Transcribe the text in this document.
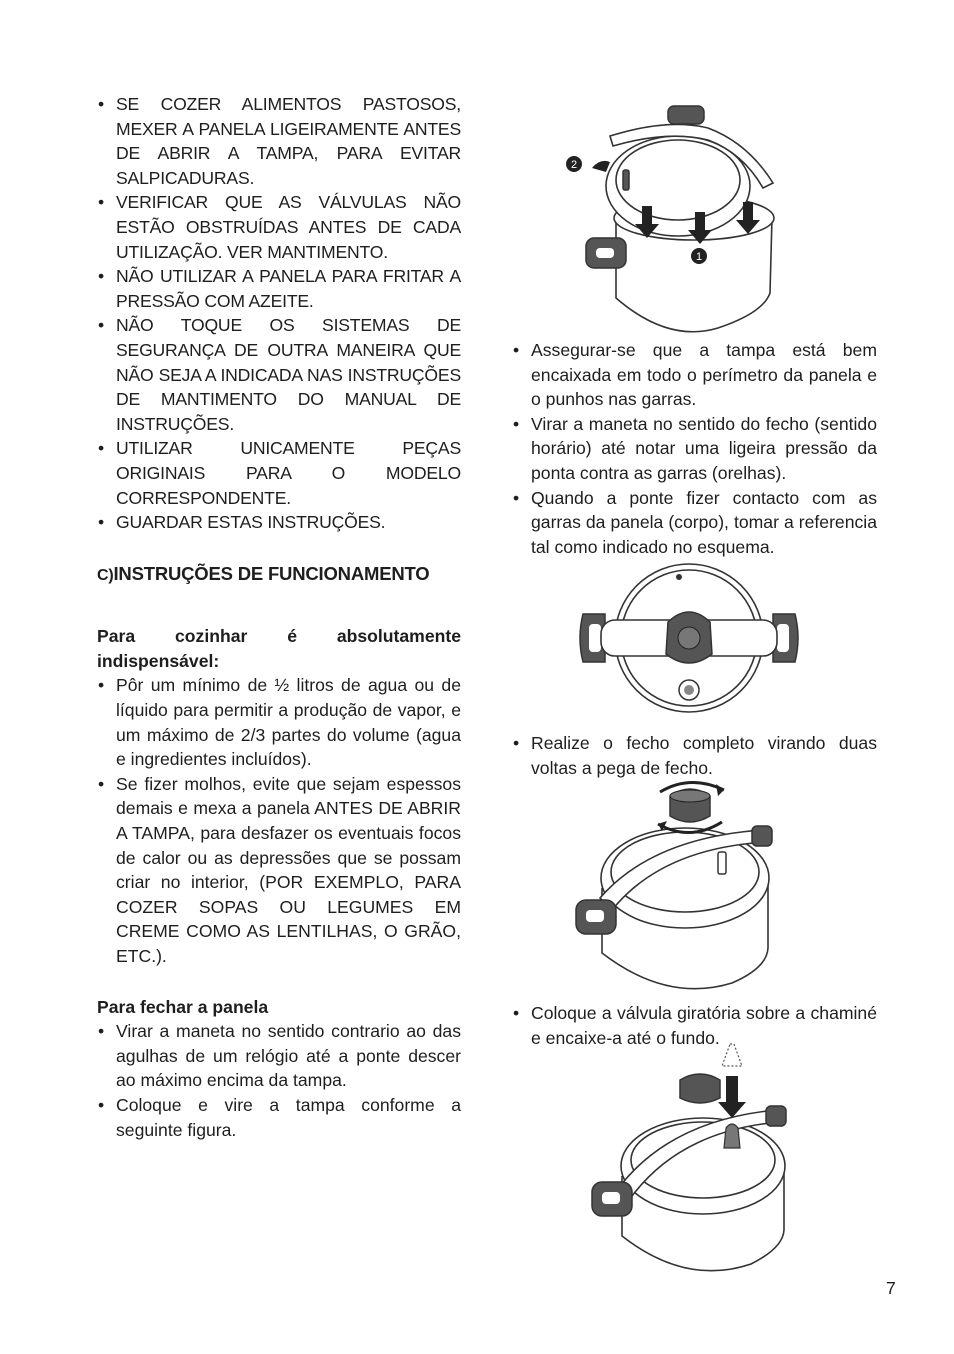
• SE COZER ALIMENTOS PASTOSOS, MEXER A PANELA LIGEIRAMENTE ANTES DE ABRIR A TAMPA, PARA EVITAR SALPICADURAS.
• VERIFICAR QUE AS VÁLVULAS NÃO ESTÃO OBSTRUÍDAS ANTES DE CADA UTILIZAÇÃO. VER MANTIMENTO.
• NÃO UTILIZAR A PANELA PARA FRITAR A PRESSÃO COM AZEITE.
• NÃO TOQUE OS SISTEMAS DE SEGURANÇA DE OUTRA MANEIRA QUE NÃO SEJA A INDICADA NAS INSTRUÇÕES DE MANTIMENTO DO MANUAL DE INSTRUÇÕES.
• UTILIZAR UNICAMENTE PEÇAS ORIGINAIS PARA O MODELO CORRESPONDENTE.
• GUARDAR ESTAS INSTRUÇÕES.
C)INSTRUÇÕES DE FUNCIONAMENTO
Para cozinhar é absolutamente indispensável:
• Pôr um mínimo de ½ litros de agua ou de líquido para permitir a produção de vapor, e um máximo de 2/3 partes do volume (agua e ingredientes incluídos).
• Se fizer molhos, evite que sejam espessos demais e mexa a panela ANTES DE ABRIR A TAMPA, para desfazer os eventuais focos de calor ou as depressões que se possam criar no interior, (POR EXEMPLO, PARA COZER SOPAS OU LEGUMES EM CREME COMO AS LENTILHAS, O GRÃO, ETC.).
Para fechar a panela
• Virar a maneta no sentido contrario ao das agulhas de um relógio até a ponte descer ao máximo encima da tampa.
• Coloque e vire a tampa conforme a seguinte figura.
2
1
• Assegurar-se que a tampa está bem encaixada em todo o perímetro da panela e o punhos nas garras.
• Virar a maneta no sentido do fecho (sentido horário) até notar uma ligeira pressão da ponta contra as garras (orelhas).
• Quando a ponte fizer contacto com as garras da panela (corpo), tomar a referencia tal como indicado no esquema.
• Realize o fecho completo virando duas voltas a pega de fecho.
• Coloque a válvula giratória sobre a chaminé e encaixe-a até o fundo.
7
